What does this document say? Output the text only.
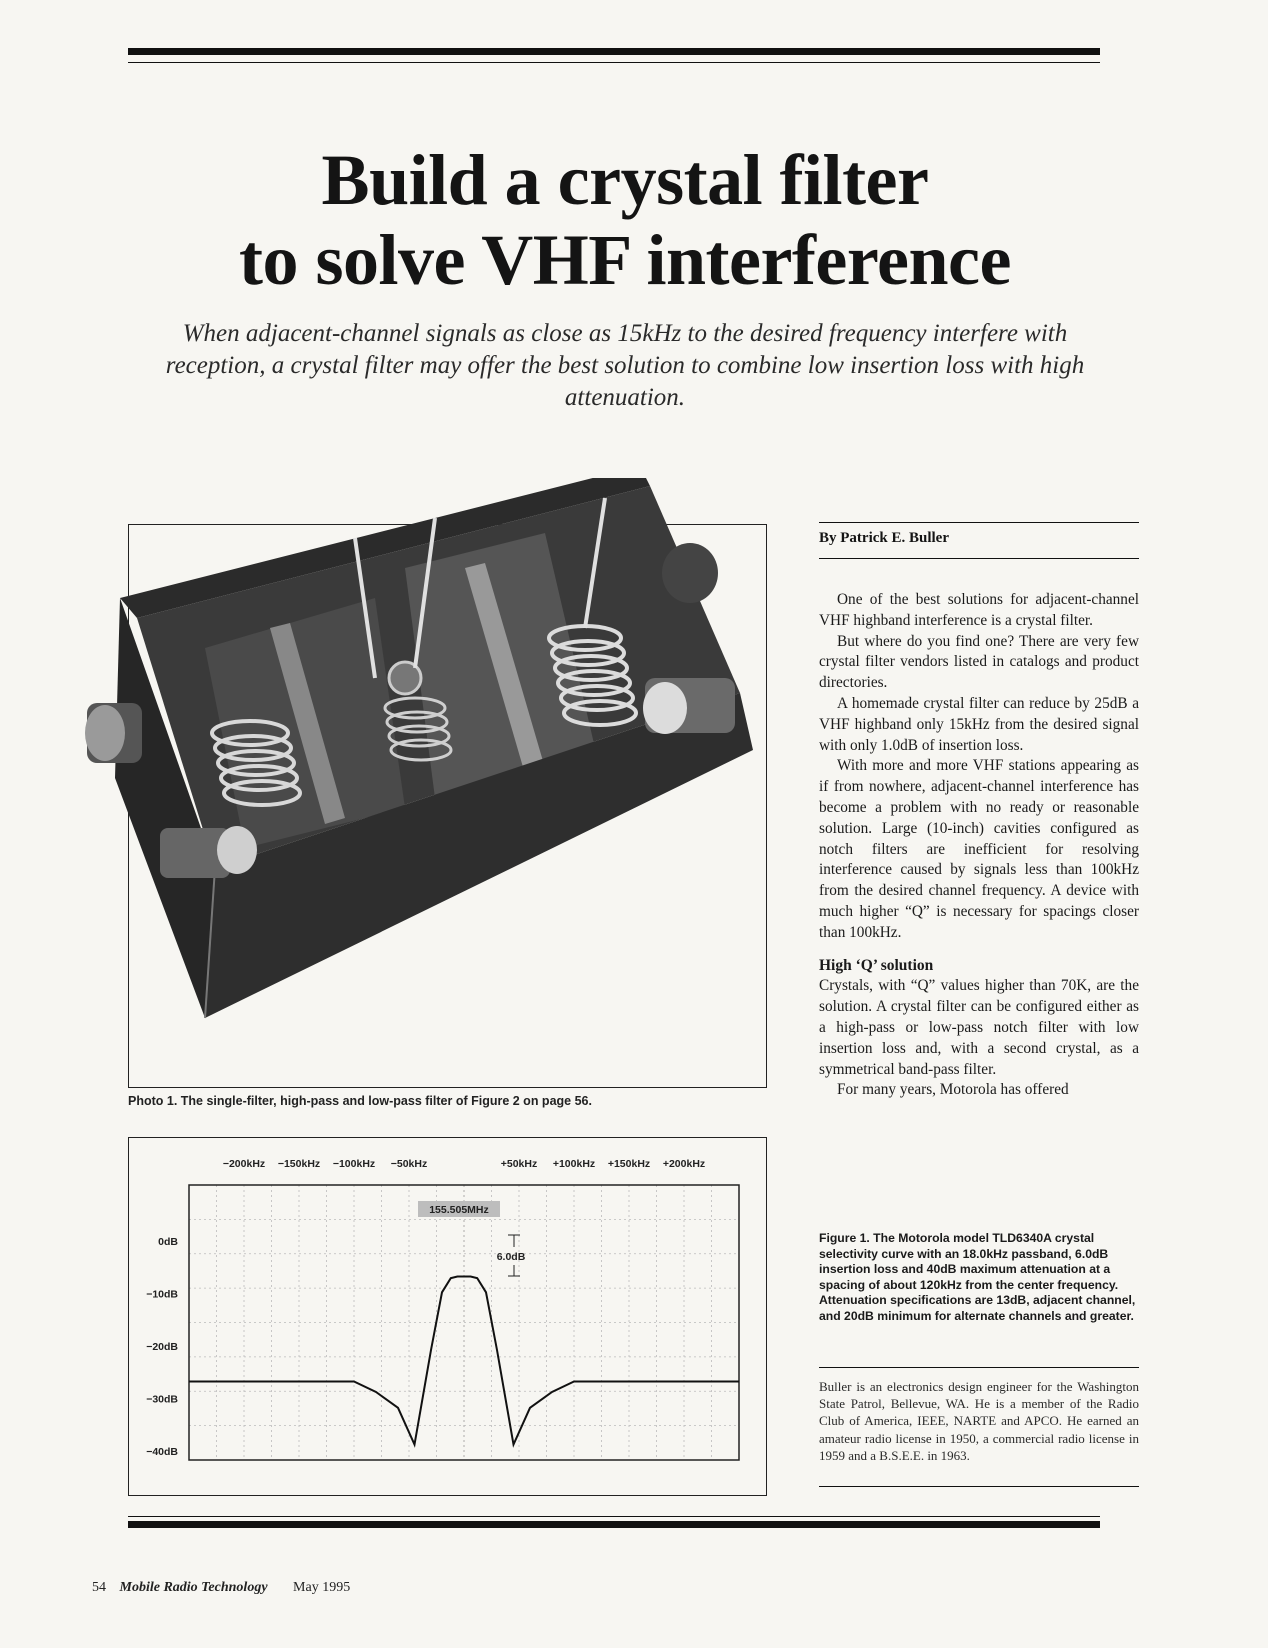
Build a crystal filter
to solve VHF interference

When adjacent-channel signals as close as 15kHz to the desired frequency interfere with reception, a crystal filter may offer the best solution to combine low insertion loss with high attenuation.

Photo 1. The single-filter, high-pass and low-pass filter of Figure 2 on page 56.
−200kHz −150kHz −100kHz −50kHz	+50kHz +100kHz +150kHz +200kHz
0dB
−10dB
−20dB
−30dB
−40dB
155.505MHz
6.0dB
By Patrick E. Buller

One of the best solutions for adjacent-channel VHF highband interference is a crystal filter.

But where do you find one? There are very few crystal filter vendors listed in catalogs and product directories.

A homemade crystal filter can reduce by 25dB a VHF highband only 15kHz from the desired signal with only 1.0dB of insertion loss.

With more and more VHF stations appearing as if from nowhere, adjacent-channel interference has become a problem with no ready or reasonable solution. Large (10-inch) cavities configured as notch filters are inefficient for resolving interference caused by signals less than 100kHz from the desired channel frequency. A device with much higher “Q” is necessary for spacings closer than 100kHz.

High ‘Q’ solution

Crystals, with “Q” values higher than 70K, are the solution. A crystal filter can be configured either as a high-pass or low-pass notch filter with low insertion loss and, with a second crystal, as a symmetrical band-pass filter.

For many years, Motorola has offered

Figure 1. The Motorola model TLD6340A crystal selectivity curve with an 18.0kHz passband, 6.0dB insertion loss and 40dB maximum attenuation at a spacing of about 120kHz from the center frequency. Attenuation specifications are 13dB, adjacent channel, and 20dB minimum for alternate channels and greater.
Buller is an electronics design engineer for the Washington State Patrol, Bellevue, WA. He is a member of the Radio Club of America, IEEE, NARTE and APCO. He earned an amateur radio license in 1950, a commercial radio license in 1959 and a B.S.E.E. in 1963.
54 Mobile Radio Technology May 1995
